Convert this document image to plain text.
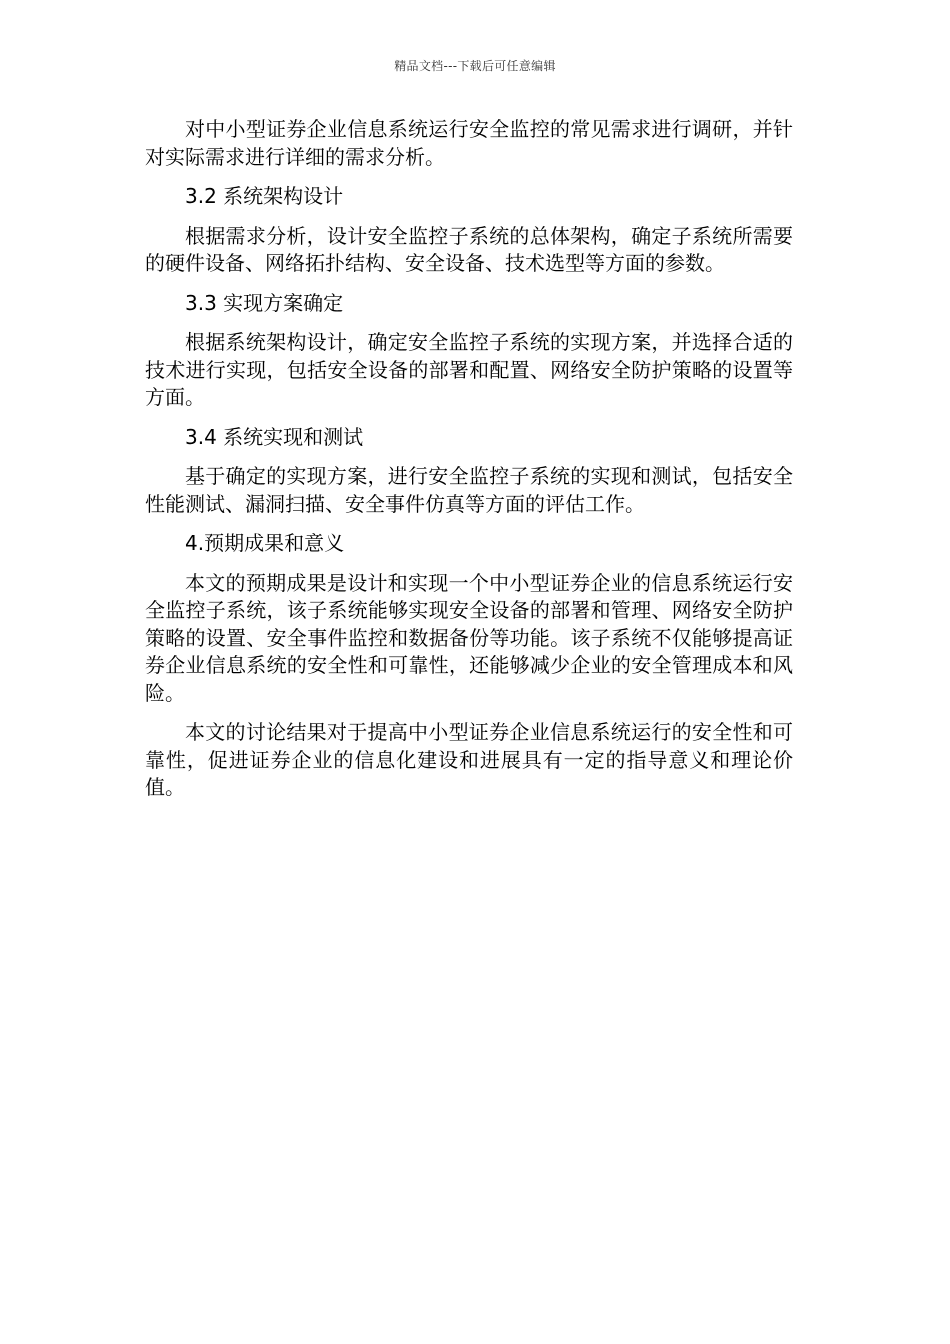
精品文档---下载后可任意编辑

对中小型证券企业信息系统运行安全监控的常见需求进行调研，并针对实际需求进行详细的需求分析。

3.2 系统架构设计

根据需求分析，设计安全监控子系统的总体架构，确定子系统所需要的硬件设备、网络拓扑结构、安全设备、技术选型等方面的参数。

3.3 实现方案确定

根据系统架构设计，确定安全监控子系统的实现方案，并选择合适的技术进行实现，包括安全设备的部署和配置、网络安全防护策略的设置等方面。

3.4 系统实现和测试

基于确定的实现方案，进行安全监控子系统的实现和测试，包括安全性能测试、漏洞扫描、安全事件仿真等方面的评估工作。

4.预期成果和意义

本文的预期成果是设计和实现一个中小型证券企业的信息系统运行安全监控子系统，该子系统能够实现安全设备的部署和管理、网络安全防护策略的设置、安全事件监控和数据备份等功能。该子系统不仅能够提高证券企业信息系统的安全性和可靠性，还能够减少企业的安全管理成本和风险。

本文的讨论结果对于提高中小型证券企业信息系统运行的安全性和可靠性，促进证券企业的信息化建设和进展具有一定的指导意义和理论价值。
